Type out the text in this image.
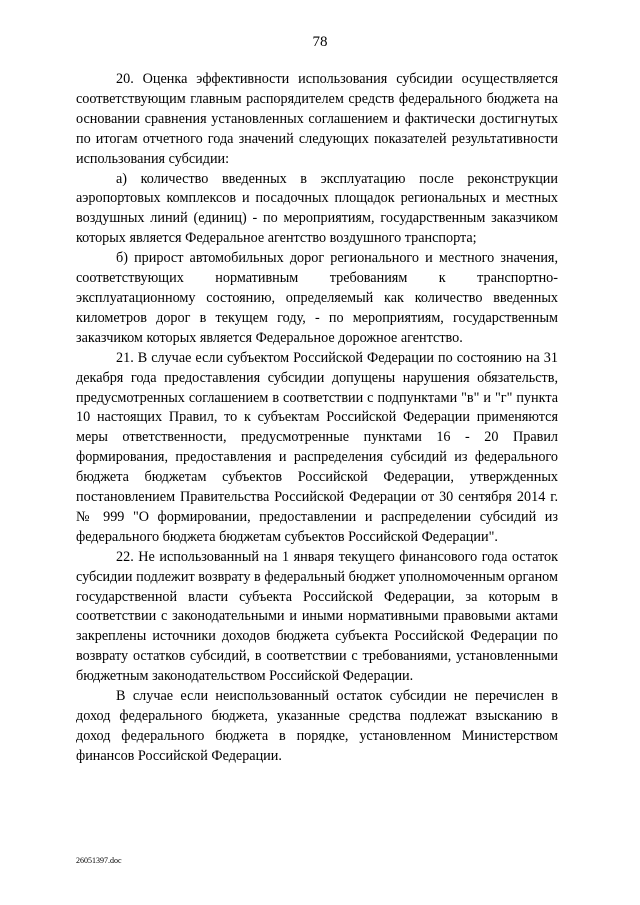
78

20. Оценка эффективности использования субсидии осуществляется соответствующим главным распорядителем средств федерального бюджета на основании сравнения установленных соглашением и фактически достигнутых по итогам отчетного года значений следующих показателей результативности использования субсидии:

а) количество введенных в эксплуатацию после реконструкции аэропортовых комплексов и посадочных площадок региональных и местных воздушных линий (единиц) - по мероприятиям, государственным заказчиком которых является Федеральное агентство воздушного транспорта;

б) прирост автомобильных дорог регионального и местного значения, соответствующих нормативным требованиям к транспортно-эксплуатационному состоянию, определяемый как количество введенных километров дорог в текущем году, - по мероприятиям, государственным заказчиком которых является Федеральное дорожное агентство.

21. В случае если субъектом Российской Федерации по состоянию на 31 декабря года предоставления субсидии допущены нарушения обязательств, предусмотренных соглашением в соответствии с подпунктами "в" и "г" пункта 10 настоящих Правил, то к субъектам Российской Федерации применяются меры ответственности, предусмотренные пунктами 16 - 20 Правил формирования, предоставления и распределения субсидий из федерального бюджета бюджетам субъектов Российской Федерации, утвержденных постановлением Правительства Российской Федерации от 30 сентября 2014 г. № 999 "О формировании, предоставлении и распределении субсидий из федерального бюджета бюджетам субъектов Российской Федерации".

22. Не использованный на 1 января текущего финансового года остаток субсидии подлежит возврату в федеральный бюджет уполномоченным органом государственной власти субъекта Российской Федерации, за которым в соответствии с законодательными и иными нормативными правовыми актами закреплены источники доходов бюджета субъекта Российской Федерации по возврату остатков субсидий, в соответствии с требованиями, установленными бюджетным законодательством Российской Федерации.

В случае если неиспользованный остаток субсидии не перечислен в доход федерального бюджета, указанные средства подлежат взысканию в доход федерального бюджета в порядке, установленном Министерством финансов Российской Федерации.

26051397.doc
